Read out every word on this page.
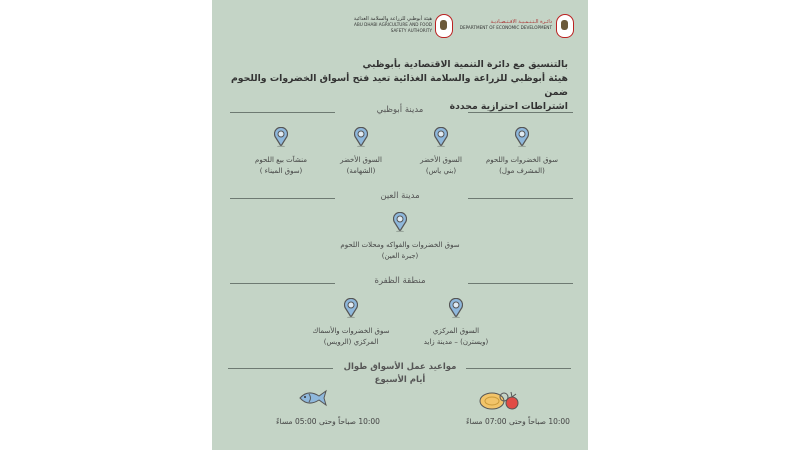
دائـرة الـتـنـمـيـة الاقـتـصـاديـة
DEPARTMENT OF ECONOMIC DEVELOPMENT
هيئة أبوظبي للزراعة والسلامة الغذائية
ABU DHABI AGRICULTURE AND FOOD
SAFETY AUTHORITY
بالتنسيق مع دائرة التنمية الاقتصادية بأبوظبي
هيئة أبوظبي للزراعة والسلامة الغذائية تعيد فتح أسواق الخضروات واللحوم ضمن
اشتراطات احترازية محددة
مدينة أبوظبي
مدينة العين
منطقة الظفرة
مواعيد عمل الأسواق طوال
أيام الأسبوع
10:00 صباحاً وحتى 07:00 مساءً
10:00 صباحاً وحتى 05:00 مساءً
سوق الخضروات واللحوم
(المشرف مول)
السوق الأخضر
(بني ياس)
السوق الأخضر
(الشهامة)
منشآت بيع اللحوم
(سوق الميناء )
سوق الخضروات والفواكه ومحلات اللحوم
(جبرة العين)
السوق المركزي
(ويسترن) – مدينة زايد
سوق الخضروات والأسماك
المركزي (الرويس)
